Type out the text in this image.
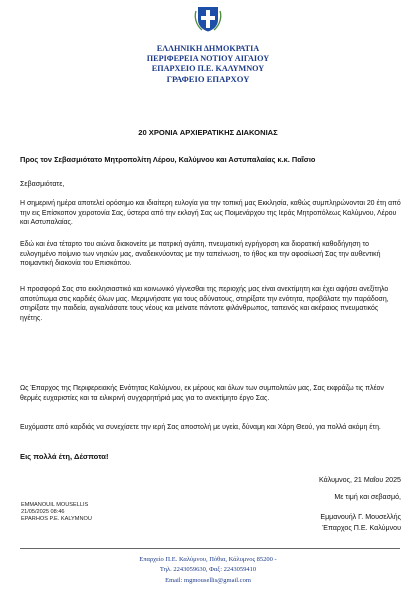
ΕΛΛΗΝΙΚΗ ΔΗΜΟΚΡΑΤΙΑ
ΠΕΡΙΦΕΡΕΙΑ ΝΟΤΙΟΥ ΑΙΓΑΙΟΥ
ΕΠΑΡΧΕΙΟ Π.Ε. ΚΑΛΥΜΝΟΥ
ΓΡΑΦΕΙΟ ΕΠΑΡΧΟΥ
20 ΧΡΟΝΙΑ ΑΡΧΙΕΡΑΤΙΚΗΣ ΔΙΑΚΟΝΙΑΣ
Προς τον Σεβασμιότατο Μητροπολίτη Λέρου, Καλύμνου και Αστυπαλαίας κ.κ. Παΐσιο
Σεβασμιότατε,
Η σημερινή ημέρα αποτελεί ορόσημο και ιδιαίτερη ευλογία για την τοπική μας Εκκλησία, καθώς συμπληρώνονται 20 έτη από την εις Επίσκοπον χειροτονία Σας, ύστερα από την εκλογή Σας ως Ποιμενάρχου της Ιεράς Μητροπόλεως Καλύμνου, Λέρου και Αστυπαλαίας.
Εδώ και ένα τέταρτο του αιώνα διακονείτε με πατρική αγάπη, πνευματική εγρήγορση και διορατική καθοδήγηση το ευλογημένο ποίμνιο των νησιών μας, αναδεικνύοντας με την ταπείνωση, το ήθος και την αφοσίωσή Σας την αυθεντική ποιμαντική διακονία του Επισκόπου.
Η προσφορά Σας στο εκκλησιαστικό και κοινωνικό γίγνεσθαι της περιοχής μας είναι ανεκτίμητη και έχει αφήσει ανεξίτηλο αποτύπωμα στις καρδιές όλων μας. Μεριμνήσατε για τους αδύνατους, στηρίξατε την ενότητα, προβάλατε την παράδοση, στηρίξατε την παιδεία, αγκαλιάσατε τους νέους και μείνατε πάντοτε φιλάνθρωπος, ταπεινός και ακέραιος πνευματικός ηγέτης.
Ως Έπαρχος της Περιφερειακής Ενότητας Καλύμνου, εκ μέρους και όλων των συμπολιτών μας, Σας εκφράζω τις πλέον θερμές ευχαριστίες και τα ειλικρινή συγχαρητήριά μας για το ανεκτίμητο έργο Σας.
Ευχόμαστε από καρδιάς να συνεχίσετε την ιερή Σας αποστολή με υγεία, δύναμη και Χάρη Θεού, για πολλά ακόμη έτη.
Εις πολλά έτη, Δέσποτα!
Κάλυμνος, 21 Μαΐου 2025
Με τιμή και σεβασμό,
Εμμανουήλ Γ. Μουσελλής
Έπαρχος Π.Ε. Καλύμνου
EMMANOUIL MOUSELLIS
21/05/2025 08:46
EPARHOS P.E. KALYMNOU
Επαρχείο Π.Ε. Καλύμνου, Πόθια, Κάλυμνος 85200 -
Τηλ. 2243059630, Φαξ: 2243059410
Email: mgmousellis@gmail.com
